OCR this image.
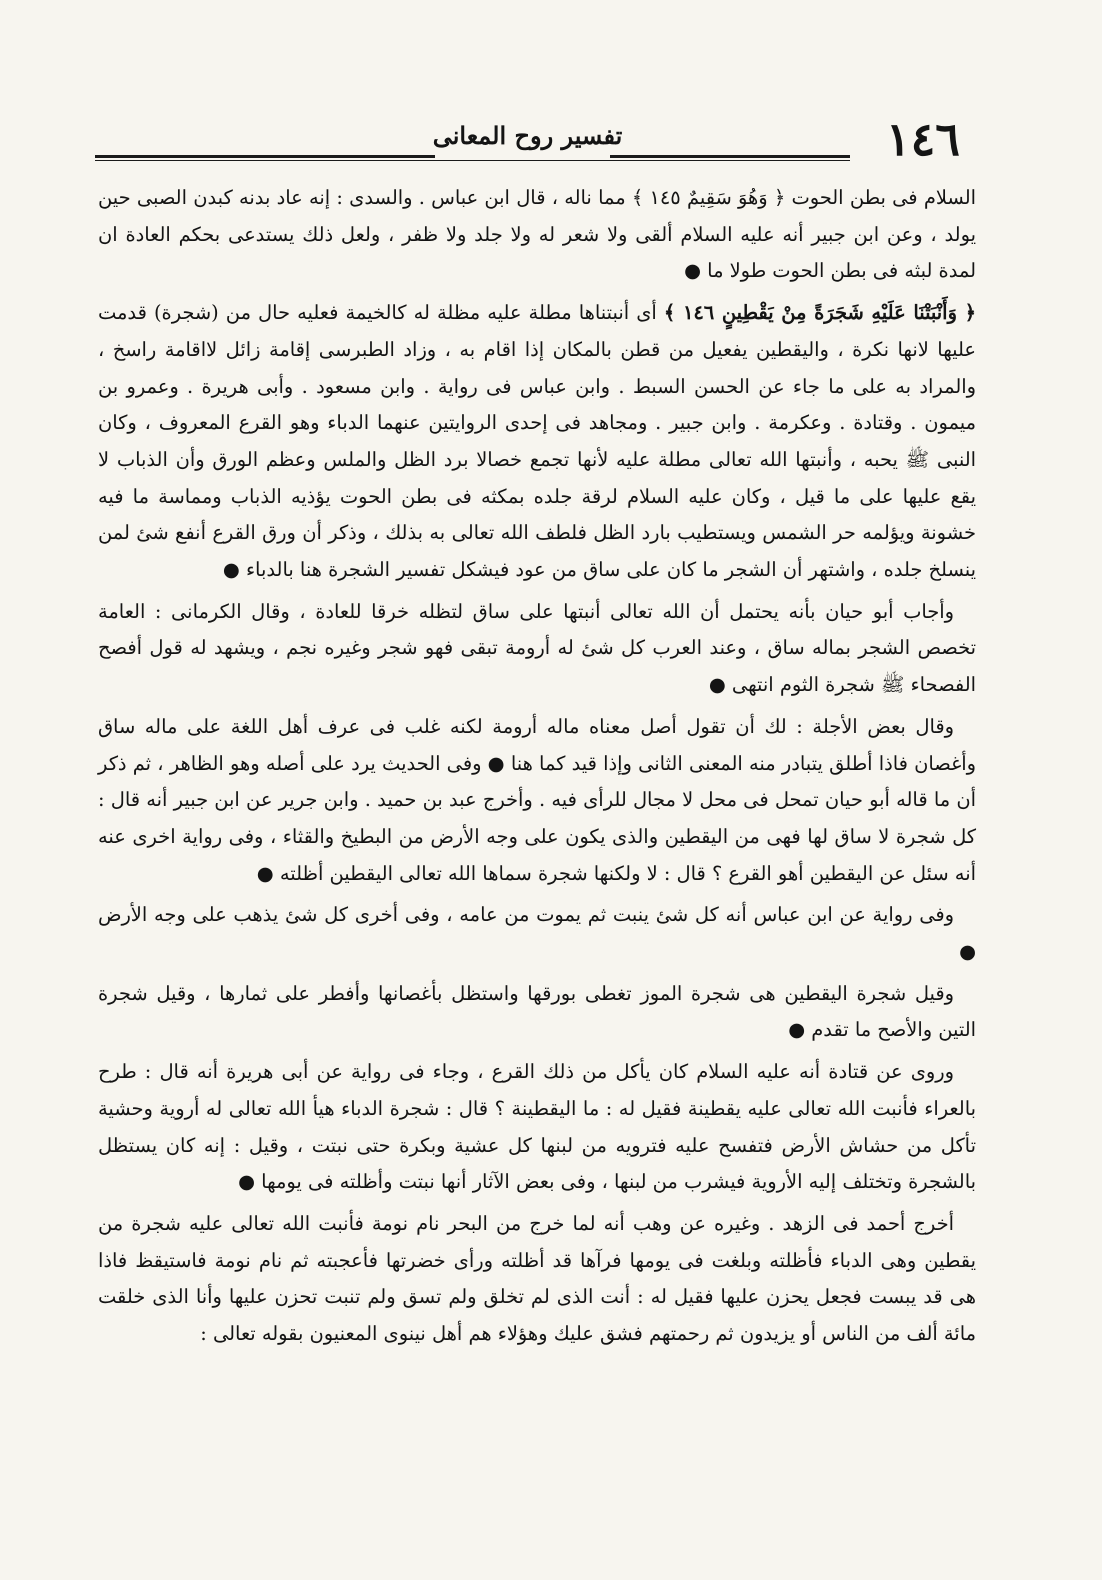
١٤٦
تفسير روح المعانى

السلام فى بطن الحوت ﴿ وَهُوَ سَقِيمٌ ١٤٥ ﴾ مما ناله ، قال ابن عباس . والسدى : إنه عاد بدنه كبدن الصبى حين يولد ، وعن ابن جبير أنه عليه السلام ألقى ولا شعر له ولا جلد ولا ظفر ، ولعل ذلك يستدعى بحكم العادة ان لمدة لبثه فى بطن الحوت طولا ما ●

﴿ وَأَنْبَتْنَا عَلَيْهِ شَجَرَةً مِنْ يَقْطِينٍ ١٤٦ ﴾ أى أنبتناها مطلة عليه مظلة له كالخيمة فعليه حال من (شجرة) قدمت عليها لانها نكرة ، واليقطين يفعيل من قطن بالمكان إذا اقام به ، وزاد الطبرسى إقامة زائل لااقامة راسخ ، والمراد به على ما جاء عن الحسن السبط . وابن عباس فى رواية . وابن مسعود . وأبى هريرة . وعمرو بن ميمون . وقتادة . وعكرمة . وابن جبير . ومجاهد فى إحدى الروايتين عنهما الدباء وهو القرع المعروف ، وكان النبى ﷺ يحبه ، وأنبتها الله تعالى مطلة عليه لأنها تجمع خصالا برد الظل والملس وعظم الورق وأن الذباب لا يقع عليها على ما قيل ، وكان عليه السلام لرقة جلده بمكثه فى بطن الحوت يؤذيه الذباب ومماسة ما فيه خشونة ويؤلمه حر الشمس ويستطيب بارد الظل فلطف الله تعالى به بذلك ، وذكر أن ورق القرع أنفع شئ لمن ينسلخ جلده ، واشتهر أن الشجر ما كان على ساق من عود فيشكل تفسير الشجرة هنا بالدباء ●

وأجاب أبو حيان بأنه يحتمل أن الله تعالى أنبتها على ساق لتظله خرقا للعادة ، وقال الكرمانى : العامة تخصص الشجر بماله ساق ، وعند العرب كل شئ له أرومة تبقى فهو شجر وغيره نجم ، ويشهد له قول أفصح الفصحاء ﷺ شجرة الثوم انتهى ●

وقال بعض الأجلة : لك أن تقول أصل معناه ماله أرومة لكنه غلب فى عرف أهل اللغة على ماله ساق وأغصان فاذا أطلق يتبادر منه المعنى الثانى وإذا قيد كما هنا ● وفى الحديث يرد على أصله وهو الظاهر ، ثم ذكر أن ما قاله أبو حيان تمحل فى محل لا مجال للرأى فيه . وأخرج عبد بن حميد . وابن جرير عن ابن جبير أنه قال : كل شجرة لا ساق لها فهى من اليقطين والذى يكون على وجه الأرض من البطيخ والقثاء ، وفى رواية اخرى عنه أنه سئل عن اليقطين أهو القرع ؟ قال : لا ولكنها شجرة سماها الله تعالى اليقطين أظلته ●

وفى رواية عن ابن عباس أنه كل شئ ينبت ثم يموت من عامه ، وفى أخرى كل شئ يذهب على وجه الأرض ●

وقيل شجرة اليقطين هى شجرة الموز تغطى بورقها واستظل بأغصانها وأفطر على ثمارها ، وقيل شجرة التين والأصح ما تقدم ●

وروى عن قتادة أنه عليه السلام كان يأكل من ذلك القرع ، وجاء فى رواية عن أبى هريرة أنه قال : طرح بالعراء فأنبت الله تعالى عليه يقطينة فقيل له : ما اليقطينة ؟ قال : شجرة الدباء هيأ الله تعالى له أروية وحشية تأكل من حشاش الأرض فتفسح عليه فترويه من لبنها كل عشية وبكرة حتى نبتت ، وقيل : إنه كان يستظل بالشجرة وتختلف إليه الأروية فيشرب من لبنها ، وفى بعض الآثار أنها نبتت وأظلته فى يومها ●

أخرج أحمد فى الزهد . وغيره عن وهب أنه لما خرج من البحر نام نومة فأنبت الله تعالى عليه شجرة من يقطين وهى الدباء فأظلته وبلغت فى يومها فرآها قد أظلته ورأى خضرتها فأعجبته ثم نام نومة فاستيقظ فاذا هى قد يبست فجعل يحزن عليها فقيل له : أنت الذى لم تخلق ولم تسق ولم تنبت تحزن عليها وأنا الذى خلقت مائة ألف من الناس أو يزيدون ثم رحمتهم فشق عليك وهؤلاء هم أهل نينوى المعنيون بقوله تعالى :
